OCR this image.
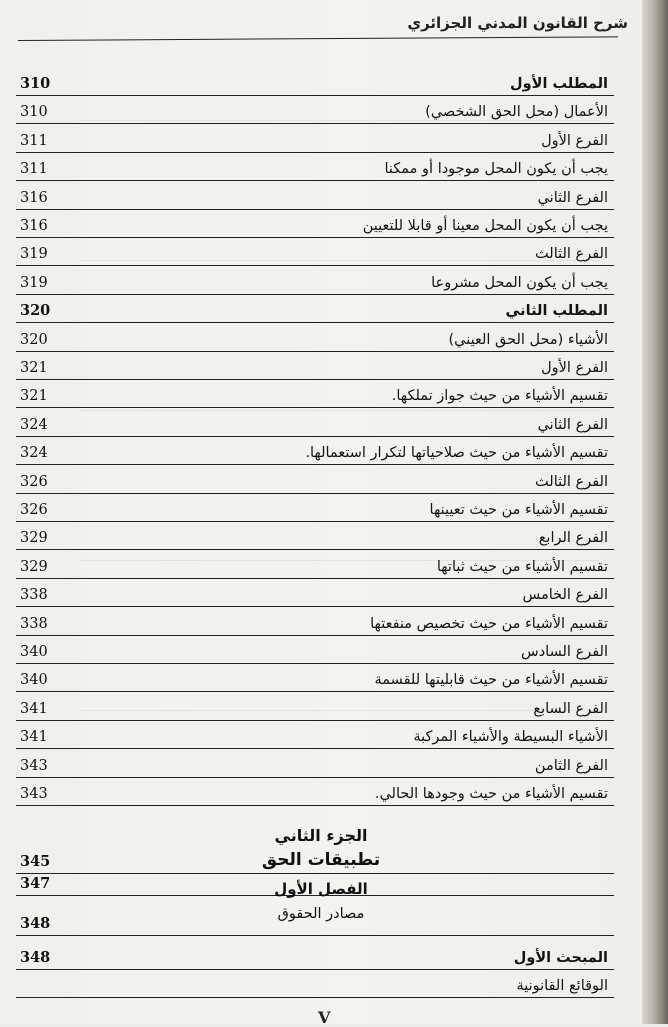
شرح القانون المدني الجزائري
المطلب الأول
310
الأعمال (محل الحق الشخصي)
310
الفرع الأول
311
يجب أن يكون المحل موجودا أو ممكنا
311
الفرع الثاني
316
يجب أن يكون المحل معينا أو قابلا للتعيين
316
الفرع الثالث
319
يجب أن يكون المحل مشروعا
319
المطلب الثاني
320
الأشياء (محل الحق العيني)
320
الفرع الأول
321
تقسيم الأشياء من حيث جواز تملكها.
321
الفرع الثاني
324
تقسيم الأشياء من حيث صلاحياتها لتكرار استعمالها.
324
الفرع الثالث
326
تقسيم الأشياء من حيث تعيينها
326
الفرع الرابع
329
تقسيم الأشياء من حيث ثباتها
329
الفرع الخامس
338
تقسيم الأشياء من حيث تخصيص منفعتها
338
الفرع السادس
340
تقسيم الأشياء من حيث قابليتها للقسمة
340
الفرع السابع
341
الأشياء البسيطة والأشياء المركبة
341
الفرع الثامن
343
تقسيم الأشياء من حيث وجودها الحالي.
343
الجزء الثاني
345	تطبيقات الحق
347	الفصل الأول
348
مصادر الحقوق
المبحث الأول
348
الوقائع القانونية
V
